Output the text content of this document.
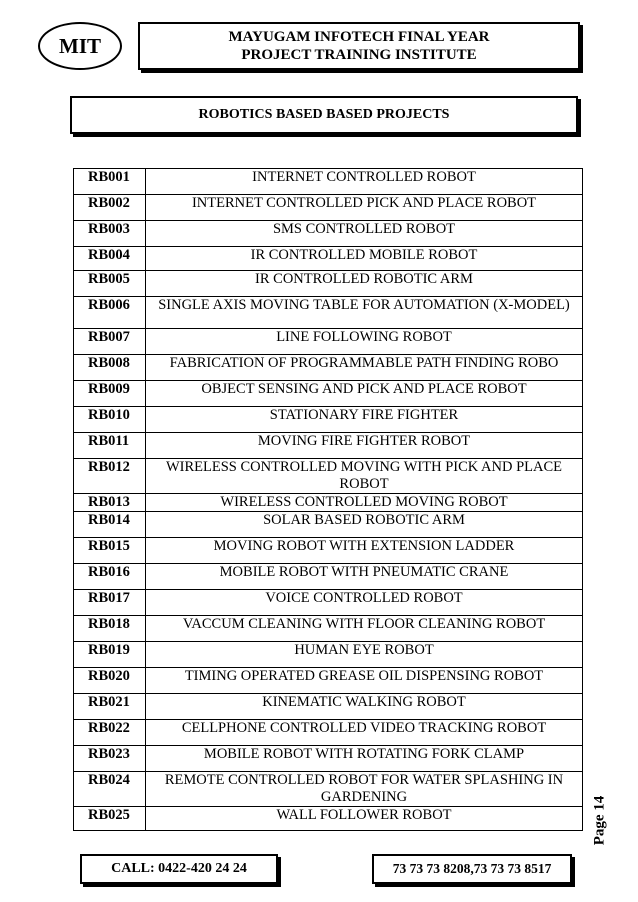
MIT	MAYUGAM INFOTECH FINAL YEAR
PROJECT TRAINING INSTITUTE
ROBOTICS BASED BASED PROJECTS
RB001	INTERNET CONTROLLED ROBOT
RB002	INTERNET CONTROLLED PICK AND PLACE ROBOT
RB003	SMS CONTROLLED ROBOT
RB004	IR CONTROLLED MOBILE ROBOT
RB005	IR CONTROLLED ROBOTIC ARM
RB006	SINGLE AXIS MOVING TABLE FOR AUTOMATION (X-MODEL)
RB007	LINE FOLLOWING ROBOT
RB008	FABRICATION OF PROGRAMMABLE PATH FINDING ROBO
RB009	OBJECT SENSING AND PICK AND PLACE ROBOT
RB010	STATIONARY FIRE FIGHTER
RB011	MOVING FIRE FIGHTER ROBOT
RB012	WIRELESS CONTROLLED MOVING WITH PICK AND PLACE ROBOT
RB013	WIRELESS CONTROLLED MOVING ROBOT
RB014	SOLAR BASED ROBOTIC ARM
RB015	MOVING ROBOT WITH EXTENSION LADDER
RB016	MOBILE ROBOT WITH PNEUMATIC CRANE
RB017	VOICE CONTROLLED ROBOT
RB018	VACCUM CLEANING WITH FLOOR CLEANING ROBOT
RB019	HUMAN EYE ROBOT
RB020	TIMING OPERATED GREASE OIL DISPENSING ROBOT
RB021	KINEMATIC WALKING ROBOT
RB022	CELLPHONE CONTROLLED VIDEO TRACKING ROBOT
RB023	MOBILE ROBOT WITH ROTATING FORK CLAMP
RB024	REMOTE CONTROLLED ROBOT FOR WATER SPLASHING IN GARDENING
RB025	WALL FOLLOWER ROBOT	Page 14
CALL: 0422-420 24 24	73 73 73 8208,73 73 73 8517
